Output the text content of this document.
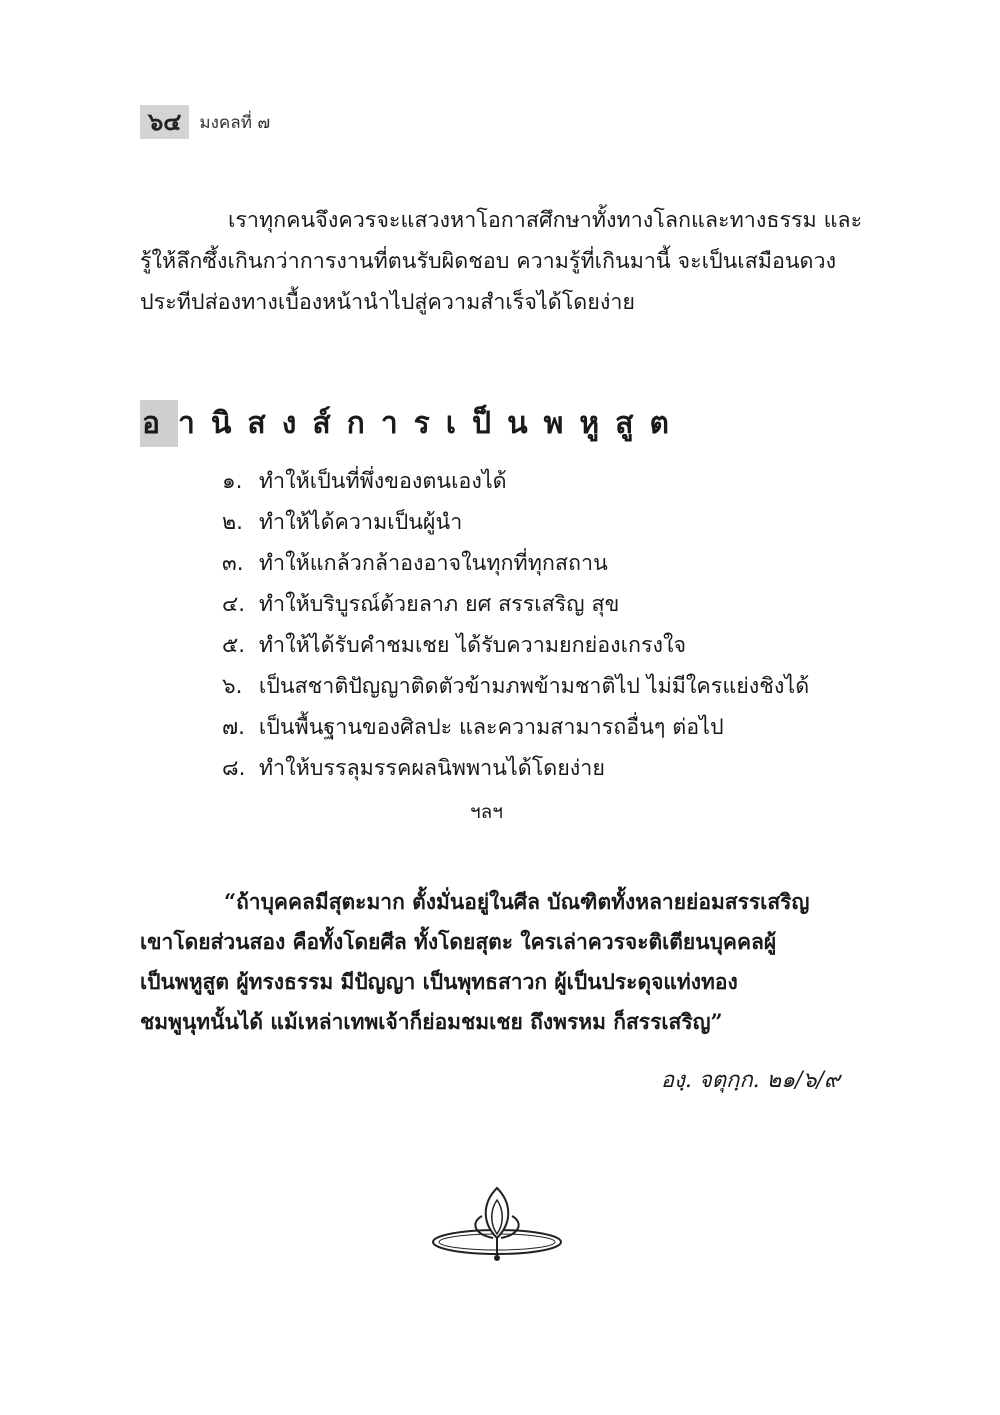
๖๔	มงคลที่ ๗
เราทุกคนจึงควรจะแสวงหาโอกาสศึกษาทั้งทางโลกและทางธรรม และ
รู้ให้ลึกซึ้งเกินกว่าการงานที่ตนรับผิดชอบ ความรู้ที่เกินมานี้ จะเป็นเสมือนดวง
ประทีปส่องทางเบื้องหน้านำไปสู่ความสำเร็จได้โดยง่าย
อ านิสงส์การเป็นพหูสูต
๑. ทำให้เป็นที่พึ่งของตนเองได้
๒. ทำให้ได้ความเป็นผู้นำ
๓. ทำให้แกล้วกล้าองอาจในทุกที่ทุกสถาน
๔. ทำให้บริบูรณ์ด้วยลาภ ยศ สรรเสริญ สุข
๕. ทำให้ได้รับคำชมเชย ได้รับความยกย่องเกรงใจ
๖. เป็นสชาติปัญญาติดตัวข้ามภพข้ามชาติไป ไม่มีใครแย่งชิงได้
๗. เป็นพื้นฐานของศิลปะ และความสามารถอื่นๆ ต่อไป
๘. ทำให้บรรลุมรรคผลนิพพานได้โดยง่าย
ฯลฯ
“ถ้าบุคคลมีสุตะมาก ตั้งมั่นอยู่ในศีล บัณฑิตทั้งหลายย่อมสรรเสริญ
เขาโดยส่วนสอง คือทั้งโดยศีล ทั้งโดยสุตะ ใครเล่าควรจะติเตียนบุคคลผู้
เป็นพหูสูต ผู้ทรงธรรม มีปัญญา เป็นพุทธสาวก ผู้เป็นประดุจแท่งทอง
ชมพูนุทนั้นได้ แม้เหล่าเทพเจ้าก็ย่อมชมเชย ถึงพรหม ก็สรรเสริญ”
องฺ. จตุกฺก. ๒๑/๖/๙
